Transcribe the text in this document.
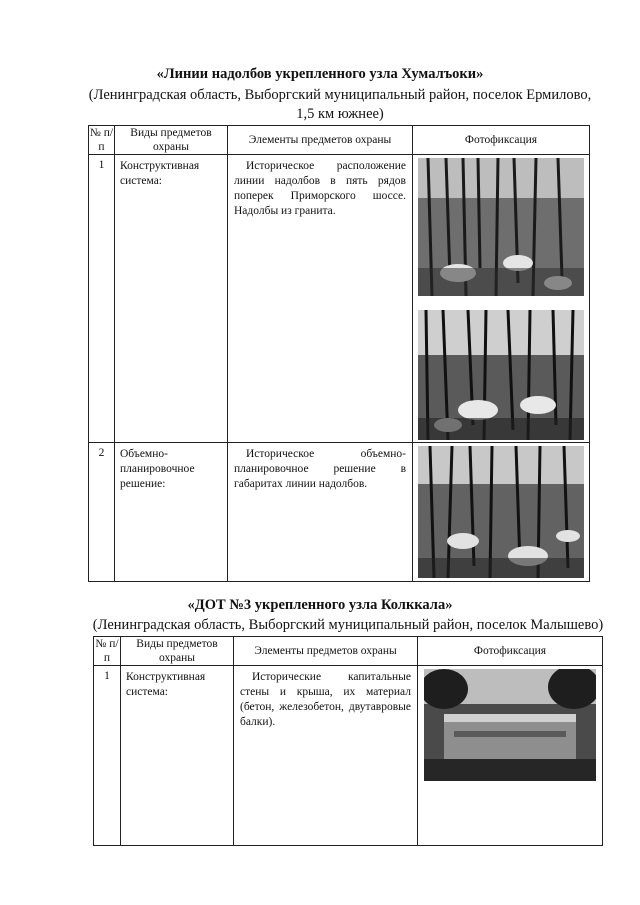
«Линии надолбов укрепленного узла Хумалъоки»
(Ленинградская область, Выборгский муниципальный район, поселок Ермилово,
1,5 км южнее)
№ п/п	Виды предметов охраны	Элементы предметов охраны	Фотофиксация
1	Конструктивная система:	Историческое расположение линии надолбов в пять рядов поперек Приморского шоссе. Надолбы из гранита.	

2	Объемно-планировочное решение:	Историческое объемно-планировочное решение в габаритах линии надолбов.	
«ДОТ №3 укрепленного узла Колккала»
(Ленинградская область, Выборгский муниципальный район, поселок Малышево)
№ п/п	Виды предметов охраны	Элементы предметов охраны	Фотофиксация
1	Конструктивная система:	Исторические капитальные стены и крыша, их материал (бетон, железобетон, двутавровые балки).	
